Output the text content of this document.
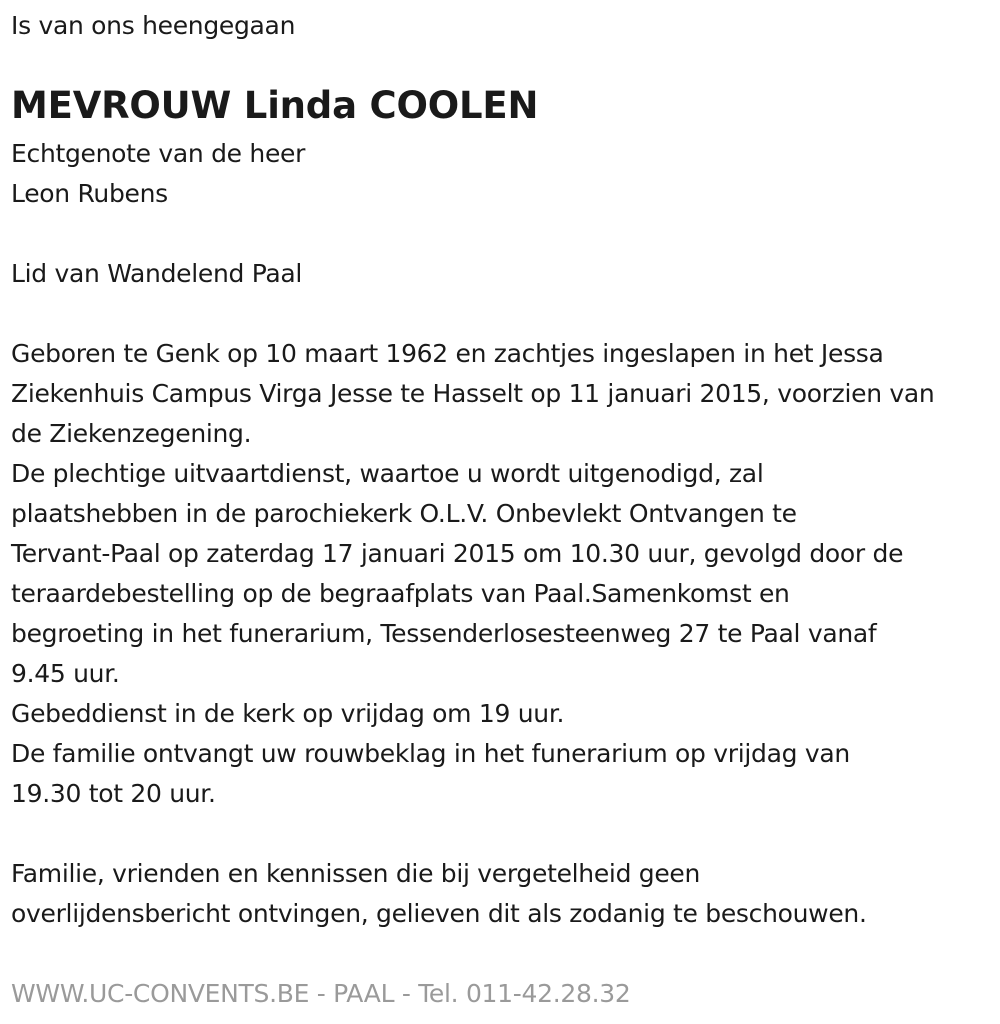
Is van ons heengegaan
MEVROUW Linda COOLEN
Echtgenote van de heer
Leon Rubens
Lid van Wandelend Paal
Geboren te Genk op 10 maart 1962 en zachtjes ingeslapen in het Jessa
Ziekenhuis Campus Virga Jesse te Hasselt op 11 januari 2015, voorzien van
de Ziekenzegening.
De plechtige uitvaartdienst, waartoe u wordt uitgenodigd, zal
plaatshebben in de parochiekerk O.L.V. Onbevlekt Ontvangen te
Tervant-Paal op zaterdag 17 januari 2015 om 10.30 uur, gevolgd door de
teraardebestelling op de begraafplats van Paal.Samenkomst en
begroeting in het funerarium, Tessenderlosesteenweg 27 te Paal vanaf
9.45 uur.
Gebeddienst in de kerk op vrijdag om 19 uur.
De familie ontvangt uw rouwbeklag in het funerarium op vrijdag van
19.30 tot 20 uur.
Familie, vrienden en kennissen die bij vergetelheid geen
overlijdensbericht ontvingen, gelieven dit als zodanig te beschouwen.
WWW.UC-CONVENTS.BE - PAAL - Tel. 011-42.28.32
